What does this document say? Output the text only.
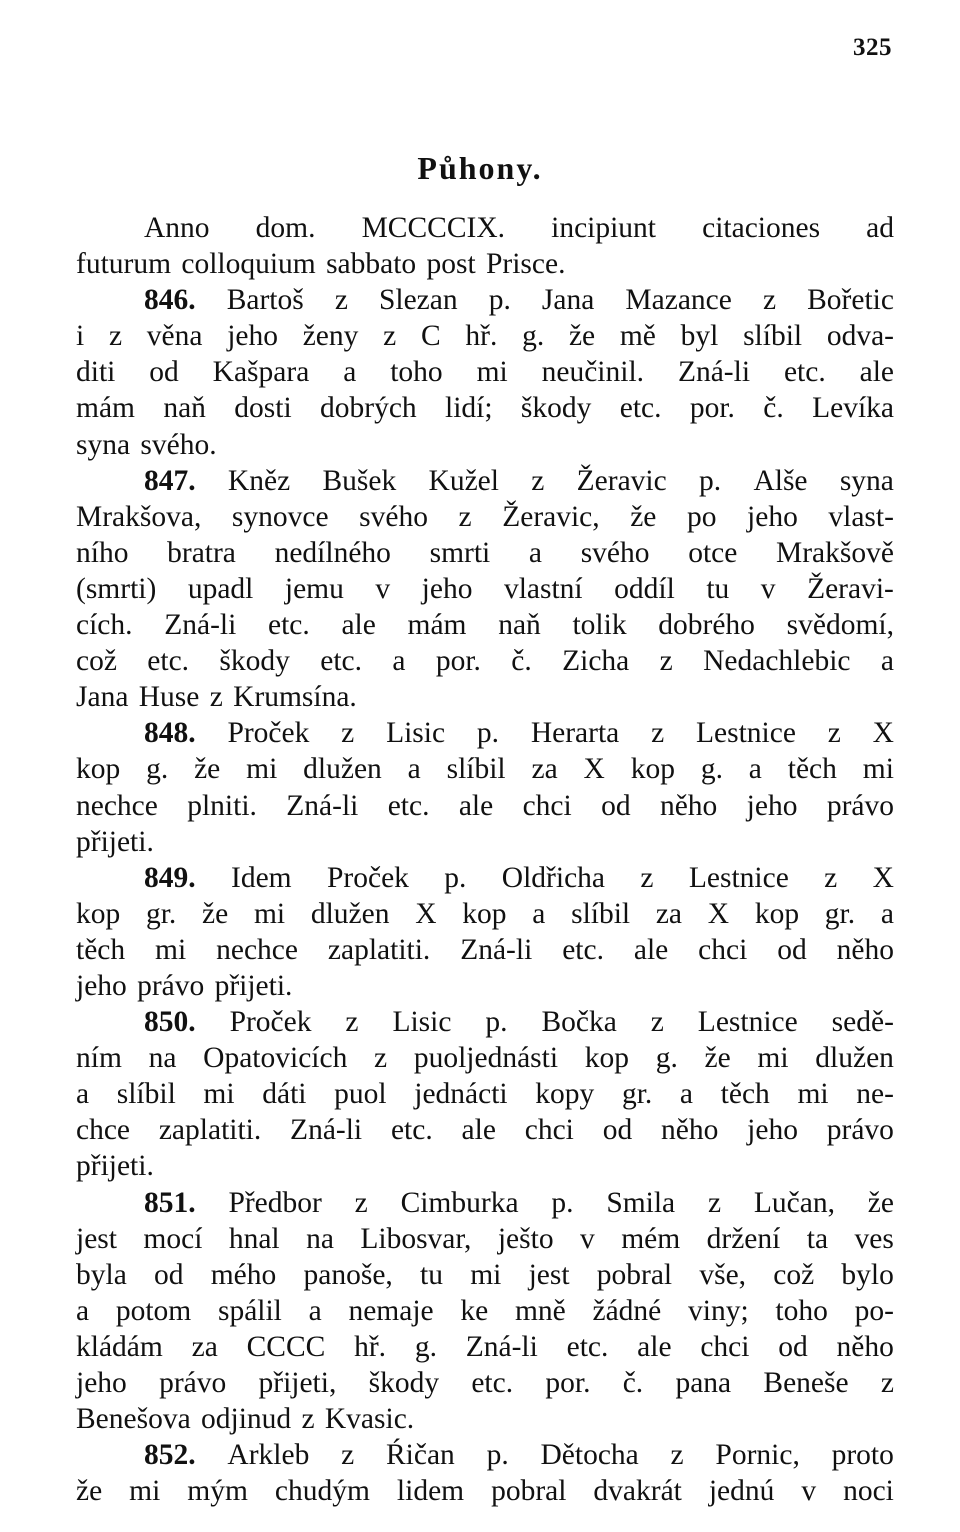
325
Půhony.
Anno dom. MCCCCIX. incipiunt citaciones ad
futurum colloquium sabbato post Prisce.
846. Bartoš z Slezan p. Jana Mazance z Bořetic
i z věna jeho ženy z C hř. g. že mě byl slíbil odva-
diti od Kašpara a toho mi neučinil. Zná-li etc. ale
mám naň dosti dobrých lidí; škody etc. por. č. Levíka
syna svého.
847. Kněz Bušek Kužel z Žeravic p. Alše syna
Mrakšova, synovce svého z Žeravic, že po jeho vlast-
ního bratra nedílného smrti a svého otce Mrakšově
(smrti) upadl jemu v jeho vlastní oddíl tu v Žeravi-
cích. Zná-li etc. ale mám naň tolik dobrého svědomí,
což etc. škody etc. a por. č. Zicha z Nedachlebic a
Jana Huse z Krumsína.
848. Proček z Lisic p. Herarta z Lestnice z X
kop g. že mi dlužen a slíbil za X kop g. a těch mi
nechce plniti. Zná-li etc. ale chci od něho jeho právo
přijeti.
849. Idem Proček p. Oldřicha z Lestnice z X
kop gr. že mi dlužen X kop a slíbil za X kop gr. a
těch mi nechce zaplatiti. Zná-li etc. ale chci od něho
jeho právo přijeti.
850. Proček z Lisic p. Bočka z Lestnice sedě-
ním na Opatovicích z puoljednásti kop g. že mi dlužen
a slíbil mi dáti puol jednácti kopy gr. a těch mi ne-
chce zaplatiti. Zná-li etc. ale chci od něho jeho právo
přijeti.
851. Předbor z Cimburka p. Smila z Lučan, že
jest mocí hnal na Libosvar, ješto v mém držení ta ves
byla od mého panoše, tu mi jest pobral vše, což bylo
a potom spálil a nemaje ke mně žádné viny; toho po-
kládám za CCCC hř. g. Zná-li etc. ale chci od něho
jeho právo přijeti, škody etc. por. č. pana Beneše z
Benešova odjinud z Kvasic.
852. Arkleb z Ŕičan p. Dětocha z Pornic, proto
že mi mým chudým lidem pobral dvakrát jednú v noci
